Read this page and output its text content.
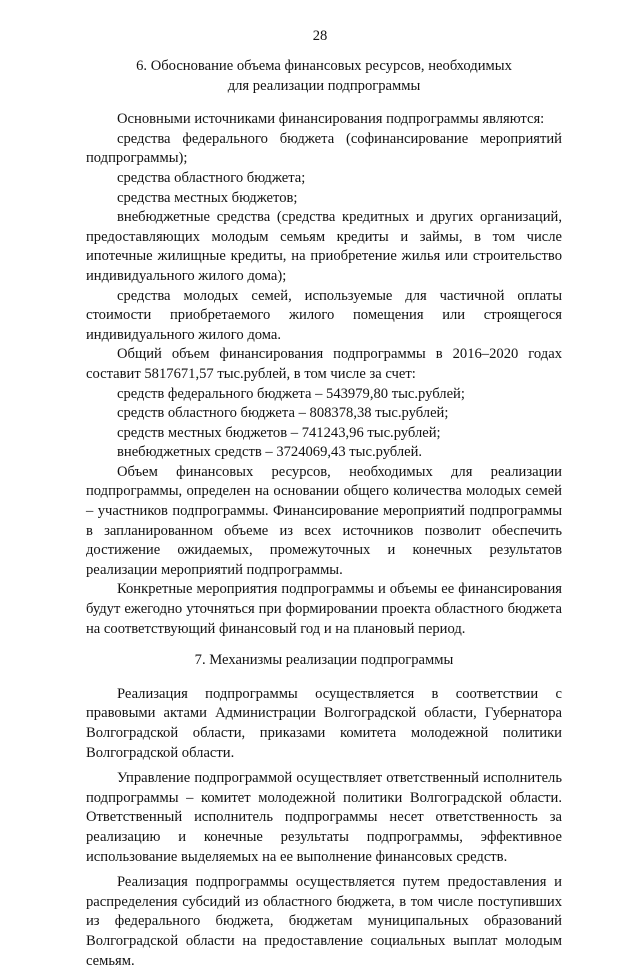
28
6. Обоснование объема финансовых ресурсов, необходимых
для реализации подпрограммы
Основными источниками финансирования подпрограммы являются:
средства федерального бюджета (софинансирование мероприятий подпрограммы);
средства областного бюджета;
средства местных бюджетов;
внебюджетные средства (средства кредитных и других организаций, предоставляющих молодым семьям кредиты и займы, в том числе ипотечные жилищные кредиты, на приобретение жилья или строительство индивидуального жилого дома);
средства молодых семей, используемые для частичной оплаты стоимости приобретаемого жилого помещения или строящегося индивидуального жилого дома.
Общий объем финансирования подпрограммы в 2016–2020 годах составит 5817671,57 тыс.рублей, в том числе за счет:
средств федерального бюджета – 543979,80 тыс.рублей;
средств областного бюджета – 808378,38 тыс.рублей;
средств местных бюджетов – 741243,96 тыс.рублей;
внебюджетных средств – 3724069,43 тыс.рублей.
Объем финансовых ресурсов, необходимых для реализации подпрограммы, определен на основании общего количества молодых семей – участников подпрограммы. Финансирование мероприятий подпрограммы в запланированном объеме из всех источников позволит обеспечить достижение ожидаемых, промежуточных и конечных результатов реализации мероприятий подпрограммы.
Конкретные мероприятия подпрограммы и объемы ее финансирования будут ежегодно уточняться при формировании проекта областного бюджета на соответствующий финансовый год и на плановый период.
7. Механизмы реализации подпрограммы
Реализация подпрограммы осуществляется в соответствии с правовыми актами Администрации Волгоградской области, Губернатора Волгоградской области, приказами комитета молодежной политики Волгоградской области.
Управление подпрограммой осуществляет ответственный исполнитель подпрограммы – комитет молодежной политики Волгоградской области. Ответственный исполнитель подпрограммы несет ответственность за реализацию и конечные результаты подпрограммы, эффективное использование выделяемых на ее выполнение финансовых средств.
Реализация подпрограммы осуществляется путем предоставления и распределения субсидий из областного бюджета, в том числе поступивших из федерального бюджета, бюджетам муниципальных образований Волгоградской области на предоставление социальных выплат молодым семьям.
